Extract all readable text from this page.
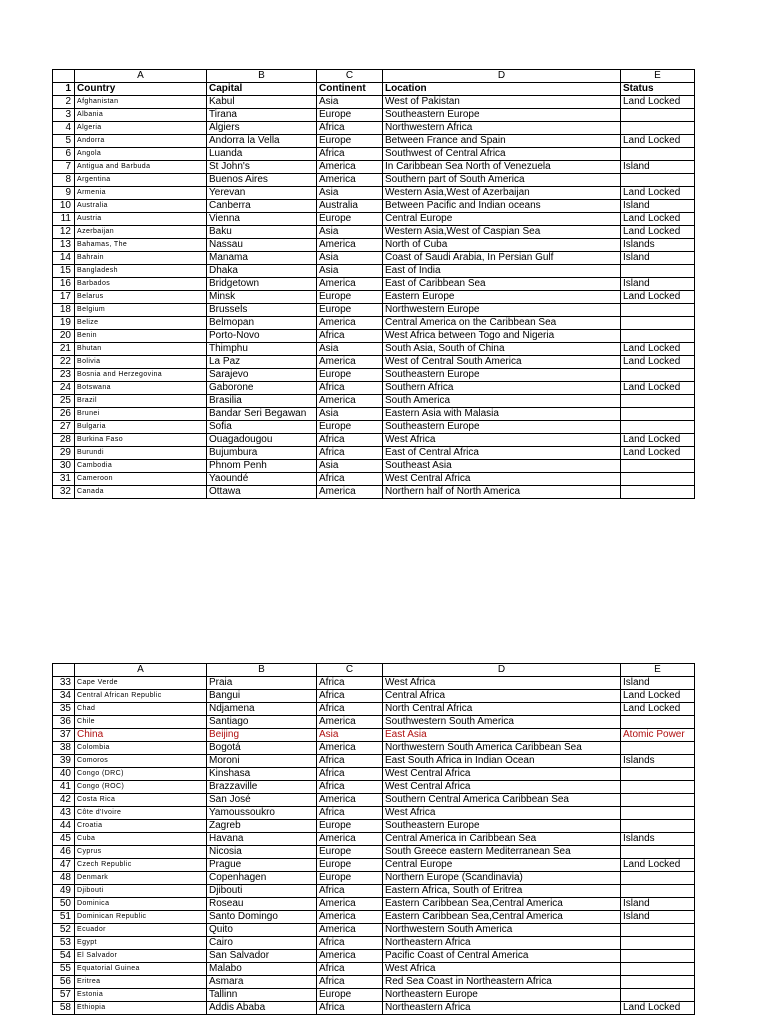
	A	B	C	D	E
1	Country	Capital	Continent	Location	Status
2	Afghanistan	Kabul	Asia	West of Pakistan	Land Locked
3	Albania	Tirana	Europe	Southeastern Europe	
4	Algeria	Algiers	Africa	Northwestern Africa	
5	Andorra	Andorra la Vella	Europe	Between France and Spain	Land Locked
6	Angola	Luanda	Africa	Southwest of Central Africa	
7	Antigua and Barbuda	St John's	America	In Caribbean Sea North of Venezuela	Island
8	Argentina	Buenos Aires	America	Southern part of South America	
9	Armenia	Yerevan	Asia	Western Asia,West of Azerbaijan	Land Locked
10	Australia	Canberra	Australia	Between Pacific and Indian oceans	Island
11	Austria	Vienna	Europe	Central Europe	Land Locked
12	Azerbaijan	Baku	Asia	Western Asia,West of Caspian Sea	Land Locked
13	Bahamas, The	Nassau	America	North of Cuba	Islands
14	Bahrain	Manama	Asia	Coast of Saudi Arabia, In Persian Gulf	Island
15	Bangladesh	Dhaka	Asia	East of India	
16	Barbados	Bridgetown	America	East of Caribbean Sea	Island
17	Belarus	Minsk	Europe	Eastern Europe	Land Locked
18	Belgium	Brussels	Europe	Northwestern Europe	
19	Belize	Belmopan	America	Central America on the Caribbean Sea	
20	Benin	Porto-Novo	Africa	West Africa between Togo and Nigeria	
21	Bhutan	Thimphu	Asia	South Asia, South of China	Land Locked
22	Bolivia	La Paz	America	West of Central South America	Land Locked
23	Bosnia and Herzegovina	Sarajevo	Europe	Southeastern Europe	
24	Botswana	Gaborone	Africa	Southern Africa	Land Locked
25	Brazil	Brasilia	America	South America	
26	Brunei	Bandar Seri Begawan	Asia	Eastern Asia with Malasia	
27	Bulgaria	Sofia	Europe	Southeastern Europe	
28	Burkina Faso	Ouagadougou	Africa	West Africa	Land Locked
29	Burundi	Bujumbura	Africa	East of Central Africa	Land Locked
30	Cambodia	Phnom Penh	Asia	Southeast Asia	
31	Cameroon	Yaoundé	Africa	West Central Africa	
32	Canada	Ottawa	America	Northern half of North America	
	A	B	C	D	E
33	Cape Verde	Praia	Africa	West Africa	Island
34	Central African Republic	Bangui	Africa	Central Africa	Land Locked
35	Chad	Ndjamena	Africa	North Central Africa	Land Locked
36	Chile	Santiago	America	Southwestern South America	
37	China	Beijing	Asia	East Asia	Atomic Power
38	Colombia	Bogotá	America	Northwestern South America Caribbean Sea	
39	Comoros	Moroni	Africa	East South Africa in Indian Ocean	Islands
40	Congo (DRC)	Kinshasa	Africa	West Central Africa	
41	Congo (ROC)	Brazzaville	Africa	West Central Africa	
42	Costa Rica	San José	America	Southern Central America Caribbean Sea	
43	Côte d'Ivoire	Yamoussoukro	Africa	West Africa	
44	Croatia	Zagreb	Europe	Southeastern Europe	
45	Cuba	Havana	America	Central America in Caribbean Sea	Islands
46	Cyprus	Nicosia	Europe	South Greece eastern Mediterranean Sea	
47	Czech Republic	Prague	Europe	Central Europe	Land Locked
48	Denmark	Copenhagen	Europe	Northern Europe (Scandinavia)	
49	Djibouti	Djibouti	Africa	Eastern Africa, South of Eritrea	
50	Dominica	Roseau	America	Eastern Caribbean Sea,Central America	Island
51	Dominican Republic	Santo Domingo	America	Eastern Caribbean Sea,Central America	Island
52	Ecuador	Quito	America	Northwestern South America	
53	Egypt	Cairo	Africa	Northeastern Africa	
54	El Salvador	San Salvador	America	Pacific Coast of Central America	
55	Equatorial Guinea	Malabo	Africa	West Africa	
56	Eritrea	Asmara	Africa	Red Sea Coast in Northeastern Africa	
57	Estonia	Tallinn	Europe	Northeastern Europe	
58	Ethiopia	Addis Ababa	Africa	Northeastern Africa	Land Locked
